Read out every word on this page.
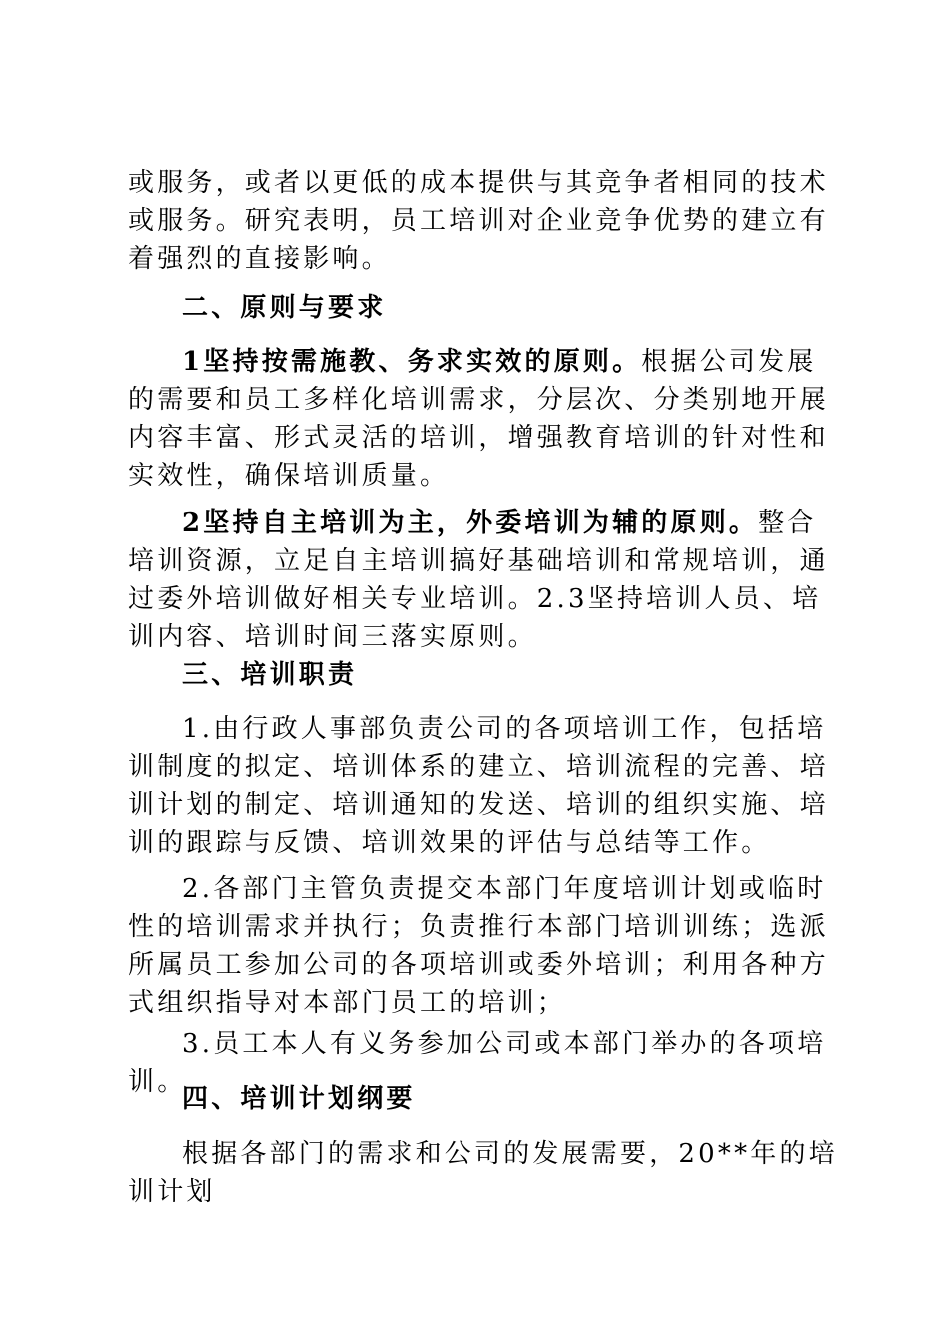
或服务，或者以更低的成本提供与其竞争者相同的技术或服务。研究表明，员工培训对企业竞争优势的建立有着强烈的直接影响。

二、原则与要求

1坚持按需施教、务求实效的原则。根据公司发展的需要和员工多样化培训需求，分层次、分类别地开展内容丰富、形式灵活的培训，增强教育培训的针对性和实效性，确保培训质量。

2坚持自主培训为主，外委培训为辅的原则。整合培训资源，立足自主培训搞好基础培训和常规培训，通过委外培训做好相关专业培训。2.3坚持培训人员、培训内容、培训时间三落实原则。

三、培训职责

1.由行政人事部负责公司的各项培训工作，包括培训制度的拟定、培训体系的建立、培训流程的完善、培训计划的制定、培训通知的发送、培训的组织实施、培训的跟踪与反馈、培训效果的评估与总结等工作。

2.各部门主管负责提交本部门年度培训计划或临时性的培训需求并执行；负责推行本部门培训训练；选派所属员工参加公司的各项培训或委外培训；利用各种方式组织指导对本部门员工的培训；

3.员工本人有义务参加公司或本部门举办的各项培训。

四、培训计划纲要

根据各部门的需求和公司的发展需要，20**年的培训计划
